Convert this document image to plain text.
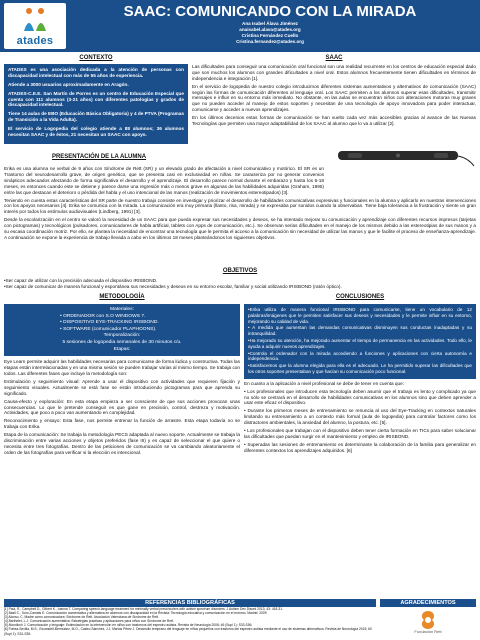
atades
SAAC: COMUNICANDO CON LA MIRADA
Ana Isabel Álava Jiménez
anaisabel.alava@atades.org
Cristina Fernández Cuello
Cristina.fernandez@atades.org
CONTEXTO

ATADES es una asociación dedicada a la atención de personas con discapacidad intelectual con más de 55 años de experiencia.

Atiende a 3000 usuarios aproximadamente en Aragón.

ATADES-C.E.E. San Martín de Porres es un centro de Educación Especial que cuenta con 111 alumnos (3-21 años) con diferentes patologías y grados de discapacidad intelectual.

Tiene 14 aulas de EBO (Educación Básica Obligatoria) y 4 de PTVA (Programas de Transición a la Vida Adulta).

El servicio de Logopedia del colegio atiende a 88 alumnos; 36 alumnos necesitan SAAC y de éstos, 21 necesitan un SAAC con apoyo.

SAAC

Las dificultades para conseguir una comunicación oral funcional son una realidad recurrente en los centros de educación especial dado que son muchos los alumnos con grandes dificultades a nivel oral. Estos alumnos frecuentemente tienen dificultades en términos de independencia e integración [1].

En el servicio de logopedia de nuestro colegio introducimos diferentes sistemas aumentativos y alternativos de comunicación (SAAC) según las formas de comunicación diferentes al lenguaje oral. Los SAAC permiten a los alumnos superar esas dificultades, transmitir mensajes e influir en su entorno más inmediato. No obstante, en las aulas se encuentran niños con alteraciones motoras muy graves que no pueden acceder al manejo de estos soportes y necesitan de una tecnología de apoyo innovadora para poder interactuar, comunicarse y acceder a nuevos aprendizajes.

En los últimos decenios estas formas de comunicación se han vuelto cada vez más accesibles gracias al avance de las Nuevas Tecnologías que permiten una mayor adaptabilidad de los SAAC al alumno que lo va a utilizar [2].

PRESENTACIÓN DE LA ALUMNA

Erika es una alumna ne verbal de 9 años con Síndrome de Rett (SR) y un elevado grado de afectación a nivel comunicativo y motórico. El SR es un Trastorno del neurodesarrollo grave, de origen genético, que se presenta casi en exclusividad en niñas. Se caracteriza por no generar convenios sinápticos adecuados afectando de forma significativa el desarrollo y el aprendizaje. El desarrollo parece normal durante el embarazo y hasta los 6-18 meses, es entonces cuando este se detiene y parece darse una regresión más o menos grave en algunas de las habilidades adquiridas (Graham, 1995) entre las que destacan el deterioro o pérdida del habla y el uso intencional de las manos (realización de movimientos estereotipados) [3].

Teniendo en cuenta estas características del SR parte de nuestro trabajo consiste en investigar y priorizar el desarrollo de habilidades comunicativas expresivas y funcionales en la alumna y aplicarlo en nuestras intervenciones con los apoyos necesarios [4]. Erika se comunica con la mirada. La comunicación era muy primaria (llanto, risa, mirada) y se expresaba por sonidos cuando la observaban. Tiene baja tolerancia a la frustración y siente un gran interés por todos los estímulos audiovisuales (Lindberg, 1991) [3].

Desde la escolarización en el centro se valoró la necesidad de un SAAC para que pueda expresar sus necesidades y deseos, se ha intentado mejorar su comunicación y aprendizaje con diferentes recursos impresos (tarjetas con pictogramas) y tecnológicos (pulsadores, comunicadores de habla artificial, tablets con Apps de comunicación, etc.). Se observan serias dificultades en el manejo de los mismos debido a las estereotipias de sus manos y a su escasa coordinación motriz. Por ello, se plantea la necesidad de encontrar una tecnología que le permita el acceso a la comunicación sin necesidad de utilizar las manos y que le facilite el proceso de enseñanza-aprendizaje. A continuación se expone la experiencia de trabajo llevada a cabo en los últimos 18 meses planteándonos los siguientes objetivos.

OBJETIVOS
•Ser capaz de utilizar con la precisión adecuada el dispositivo IRISBOND.
•Ser capaz de comunicar de manera funcional y espontánea sus necesidades y deseos en su entorno escolar, familiar y social utilizando IRISBOND (ratón óptico).
METODOLOGÍA
Materiales:
• ORDENADOR con S.O WINDOWS 7.
• DISPOSITIVO EYE-TRACKING IRISBOND.
• SOFTWARE (comunicador PLAPHOONS).
Temporalización:
5 sesiones de logopedia semanales de 30 minutos c/u.
Etapas:

Eye Learn permite adquirir las habilidades necesarias para comunicarse de forma lúdica y constructiva. Todas las etapas están interrelacionadas y en una misma sesión se pueden trabajar varias al mismo tiempo. Se trabaja con todos. Las diferentes fases que incluye la metodología son:

Estimulación y seguimiento visual: Aprende a usar el dispositivo con actividades que requieren fijación y seguimiento visuales. Actualmente se está fase se están introduciendo pictogramas para que aprenda su significado.

Causa-efecto y exploración: En esta etapa empieza a ser consciente de que sus acciones provocan unas consecuencias. Lo que le pretende conseguir es que gane en precisión, control, destreza y motivación. Actividades, que poco a poco van aumentando en complejidad.

Reconocimiento y ensayo: Esta fase, nos permite entrenar la función de arrastre. Esta etapa todavía no se trabaja con Erika.

Etapa de la comunicación: Se trabaja la metodología PECS adaptada al nuevo soporte. Actualmente se trabaja la discriminación entre varias acciones y objetos preferidos (fase III) y es capaz de seleccionar el que quiere o necesita entre tres fotografías. Dentro de las peticiones de comunicación se va cambiando aleatoriamente el orden de las fotografías para verificar si la elección es intencional.

CONCLUSIONES

•Erika utiliza de manera funcional IRISBOND para comunicarse, tiene un vocabulario de 12 palabras/imágenes que le permiten satisfacer sus deseos y necesidades y le permite influir en su entorno, mejorando su calidad de vida.

• A medida que aumentan las demandas comunicativas disminuyen sus conductas inadaptadas y su intranquilidad.

•Ha mejorado su atención, ha mejorado aumentar el tiempo de permanencia en las actividades. Todo ello, le ayuda a adquirir nuevos aprendizajes.

•Controla el ordenador con la mirada accediendo a funciones y aplicaciones con cierta autonomía e independencia.

•Satisfacemos que la alumna elegida para ella es el adecuado. Le ha permitido superar las dificultades que los otros soportes presentaban y que hacían su comunicación poco funcional.

En cuanto a la aplicación a nivel profesional se debe de tener en cuenta que:

• Los profesionales que introducen esta tecnología deben asumir que el trabajo es lento y complicado ya que no sólo se centrará en el desarrollo de habilidades comunicativas en los alumnos sino que deben aprender a usar este eficaz el dispositivo.

• Durante los primeros meses de entrenamiento se renuncia al uso del Eye-Tracking en contextos naturales limitando su entrenamiento a un contexto más formal (aula de logopedia) para controlar factores como los distractores ambientales, la ansiedad del alumno, la postura, etc. [5].

• Los profesionales que trabajan con el dispositivo deben tener cierta formación en TICs para saber solucionar las dificultades que puedan surgir en el mantenimiento y empleo de IRISBOND.

• Superadas las sesiones de entrenamiento es determinante la colaboración de la familia para generalizar en diferentes contextos los aprendizajes adquiridos. [6]

REFERENCIAS BIBLIOGRÁFICAS
[1] Paul, R., Campbell D., Gilbert K., Ioanna T. Comparing speech-language treatment for minimally verbal preschoolers with autism spectrum disorders. J Autism Dev Disord 2013; 43: 418-31.
[2] Basil C., Soro-Camats E. Comunicación aumentativa y alternativa en alumnos con discapacidad en la Revista: Tecnología educativa y comunicación en el entorno. Madrid: 2009
[3] Alonso, C. Madre como comunicadora: Síndrome de Rett. Asociación Valenciana de Síndrome de Rett.
[4] Barthelet, L.J. Comunicación aumentativa: Estrategias prácticas y aplicaciones para niños con Síndrome de Rett.
[5] Mondloch J. Comunicación y lenguaje: Estimulación en la intervención en niños con trastornos del espectro autista. Revista de Neurología 2008; 46 (Supl 1): S33-S56.
[6] Fortea-Sevilla, M.S., Escandell-Bermúdez, M.O., Castro-Sánchez, J.J. Martos Pérez J. Desarrollo temprano del lenguaje en niños pequeños con trastorno del espectro autista mediante el uso de sistemas alternativos. Revista de Neurología 2015; 60 (Supl 1): S31-S35.
AGRADECIMIENTOS
Fundación Rett
